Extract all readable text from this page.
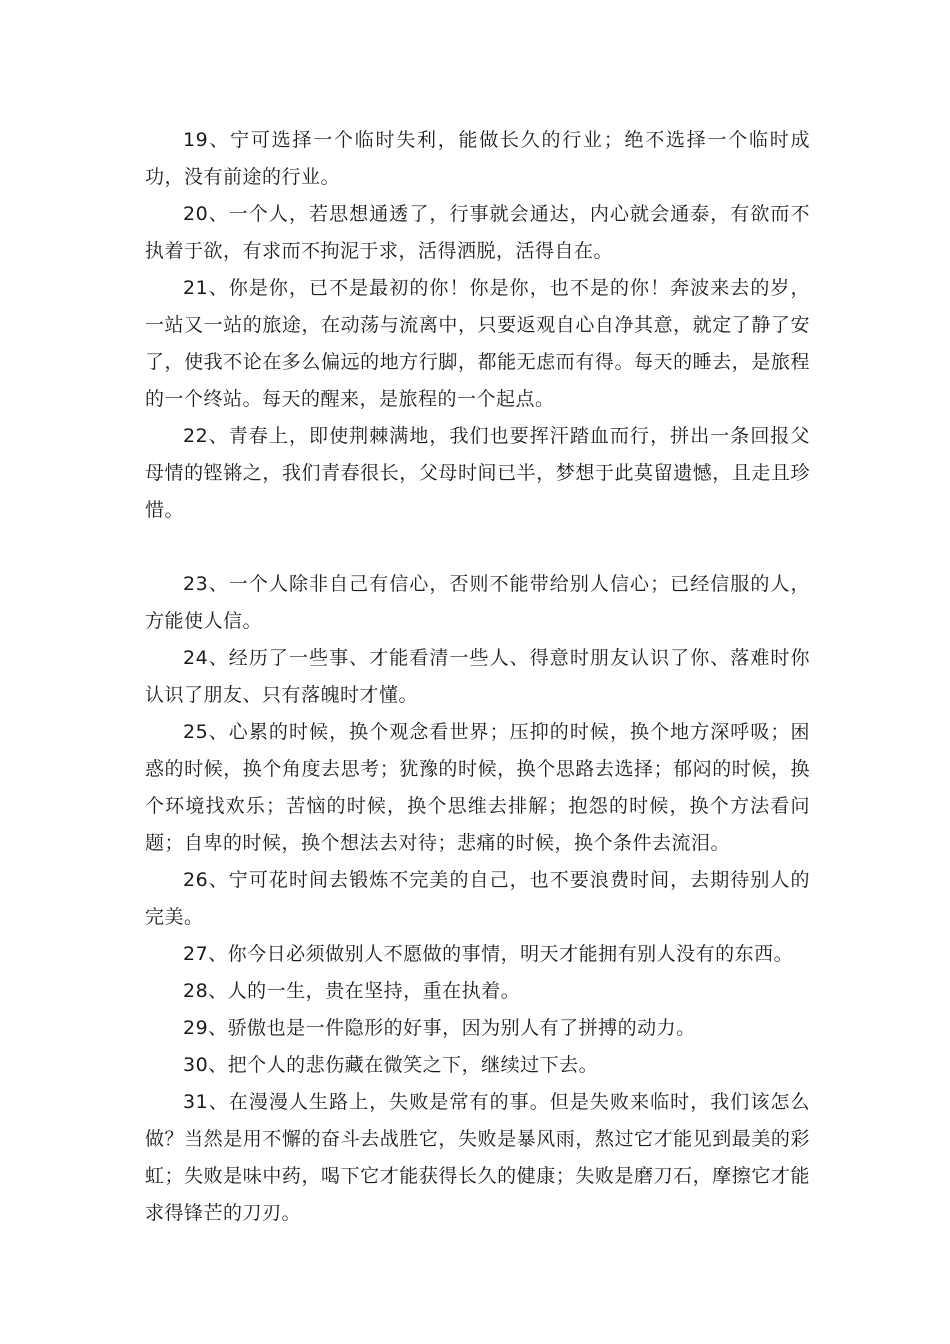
19、宁可选择一个临时失利，能做长久的行业；绝不选择一个临时成功，没有前途的行业。

20、一个人，若思想通透了，行事就会通达，内心就会通泰，有欲而不执着于欲，有求而不拘泥于求，活得洒脱，活得自在。

21、你是你，已不是最初的你！你是你，也不是的你！奔波来去的岁，一站又一站的旅途，在动荡与流离中，只要返观自心自净其意，就定了静了安了，使我不论在多么偏远的地方行脚，都能无虑而有得。每天的睡去，是旅程的一个终站。每天的醒来，是旅程的一个起点。

22、青春上，即使荆棘满地，我们也要挥汗踏血而行，拼出一条回报父母情的铿锵之，我们青春很长，父母时间已半，梦想于此莫留遗憾，且走且珍惜。

23、一个人除非自己有信心，否则不能带给别人信心；已经信服的人，方能使人信。

24、经历了一些事、才能看清一些人、得意时朋友认识了你、落难时你认识了朋友、只有落魄时才懂。

25、心累的时候，换个观念看世界；压抑的时候，换个地方深呼吸；困惑的时候，换个角度去思考；犹豫的时候，换个思路去选择；郁闷的时候，换个环境找欢乐；苦恼的时候，换个思维去排解；抱怨的时候，换个方法看问题；自卑的时候，换个想法去对待；悲痛的时候，换个条件去流泪。

26、宁可花时间去锻炼不完美的自己，也不要浪费时间，去期待别人的完美。

27、你今日必须做别人不愿做的事情，明天才能拥有别人没有的东西。

28、人的一生，贵在坚持，重在执着。

29、骄傲也是一件隐形的好事，因为别人有了拼搏的动力。

30、把个人的悲伤藏在微笑之下，继续过下去。

31、在漫漫人生路上，失败是常有的事。但是失败来临时，我们该怎么做？当然是用不懈的奋斗去战胜它，失败是暴风雨，熬过它才能见到最美的彩虹；失败是味中药，喝下它才能获得长久的健康；失败是磨刀石，摩擦它才能求得锋芒的刀刃。
